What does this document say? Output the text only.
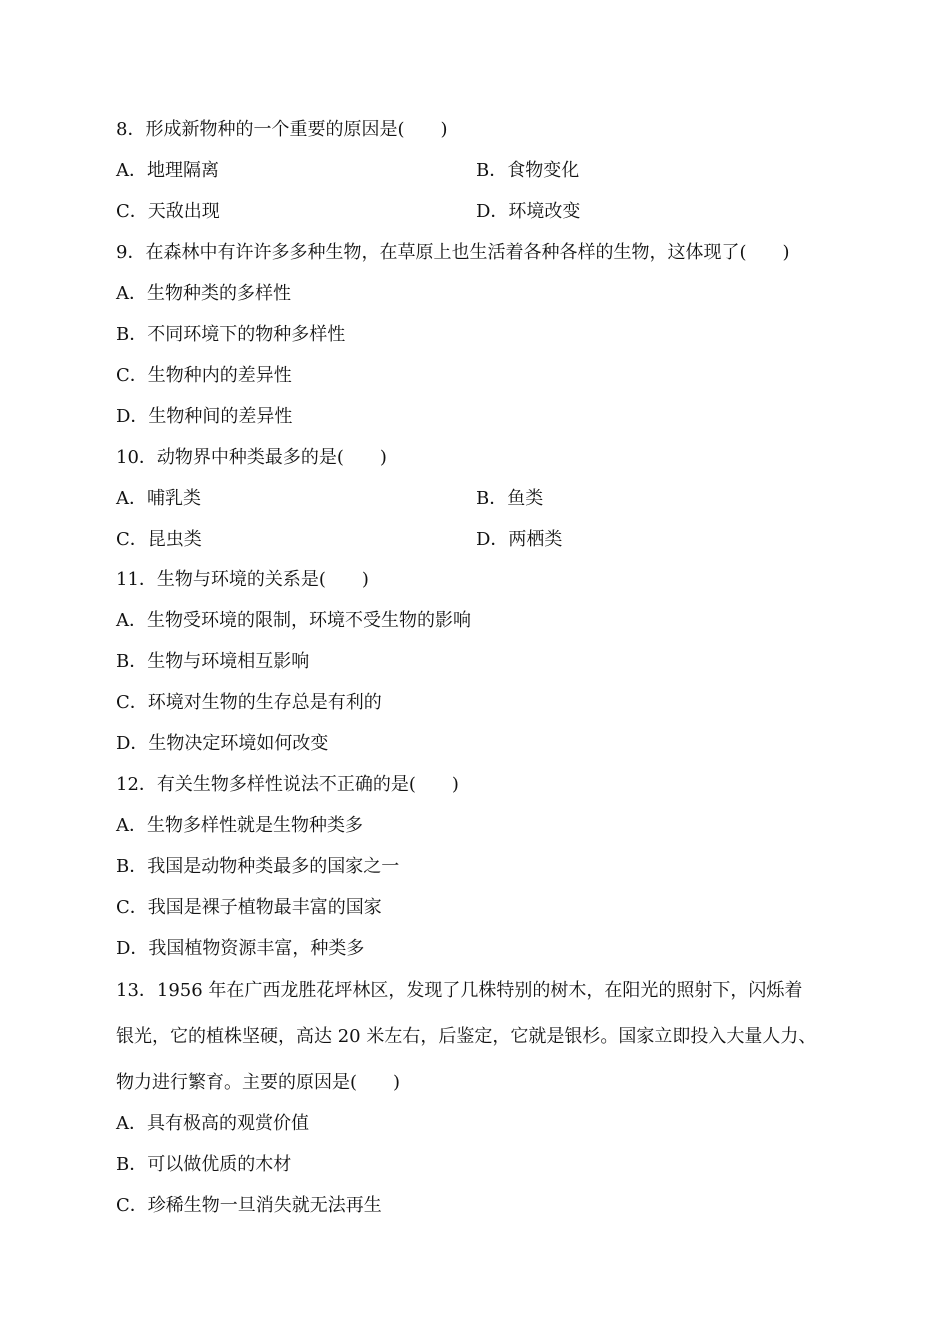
8．形成新物种的一个重要的原因是(　　)
A．地理隔离	B．食物变化
C．天敌出现	D．环境改变
9．在森林中有许许多多种生物，在草原上也生活着各种各样的生物，这体现了(　　)
A．生物种类的多样性
B．不同环境下的物种多样性
C．生物种内的差异性
D．生物种间的差异性
10．动物界中种类最多的是(　　)
A．哺乳类	B．鱼类
C．昆虫类	D．两栖类
11．生物与环境的关系是(　　)
A．生物受环境的限制，环境不受生物的影响
B．生物与环境相互影响
C．环境对生物的生存总是有利的
D．生物决定环境如何改变
12．有关生物多样性说法不正确的是(　　)
A．生物多样性就是生物种类多
B．我国是动物种类最多的国家之一
C．我国是裸子植物最丰富的国家
D．我国植物资源丰富，种类多
13．1956 年在广西龙胜花坪林区，发现了几株特别的树木，在阳光的照射下，闪烁着
银光，它的植株坚硬，高达 20 米左右，后鉴定，它就是银杉。国家立即投入大量人力、
物力进行繁育。主要的原因是(　　)
A．具有极高的观赏价值
B．可以做优质的木材
C．珍稀生物一旦消失就无法再生
